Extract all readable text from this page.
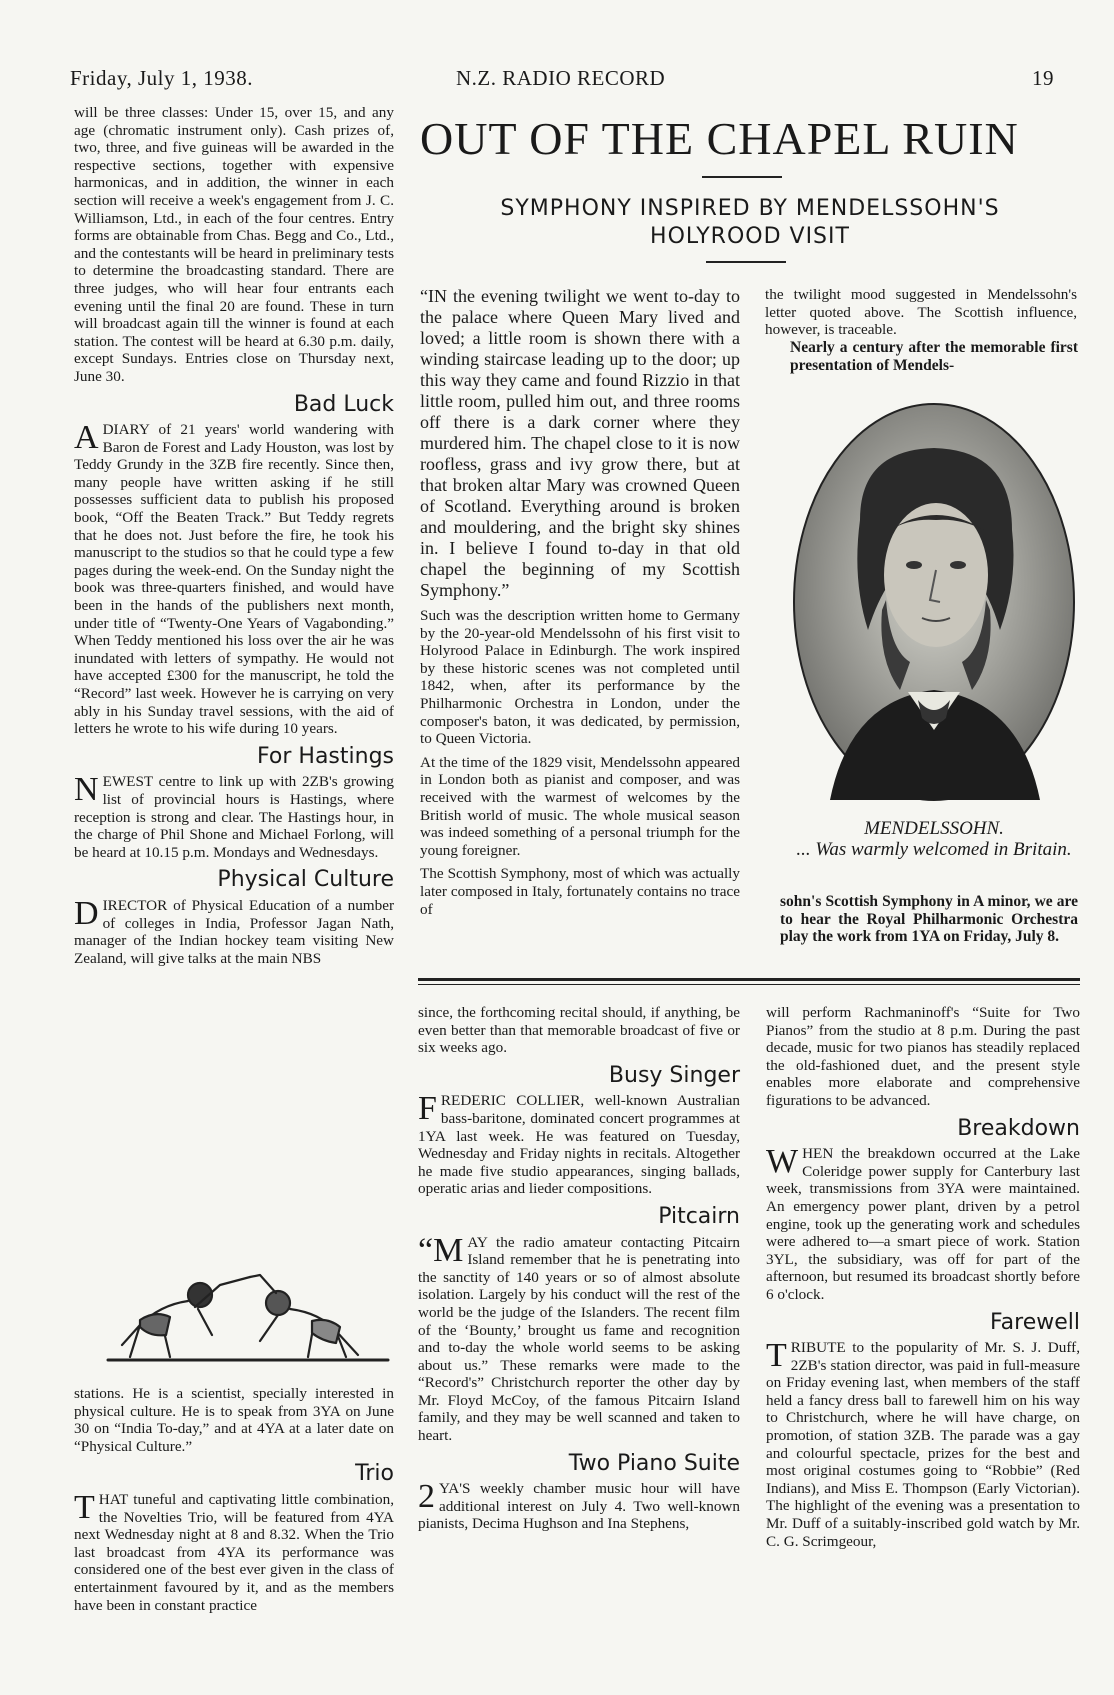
Friday, July 1, 1938.	N.Z. RADIO RECORD	19

will be three classes: Under 15, over 15, and any age (chromatic instrument only). Cash prizes of, two, three, and five guineas will be awarded in the respective sections, together with expensive harmonicas, and in addition, the winner in each section will receive a week's engagement from J. C. Williamson, Ltd., in each of the four centres. Entry forms are obtainable from Chas. Begg and Co., Ltd., and the contestants will be heard in preliminary tests to determine the broadcasting standard. There are three judges, who will hear four entrants each evening until the final 20 are found. These in turn will broadcast again till the winner is found at each station. The contest will be heard at 6.30 p.m. daily, except Sundays. Entries close on Thursday next, June 30.

Bad Luck

ADIARY of 21 years' world wandering with Baron de Forest and Lady Houston, was lost by Teddy Grundy in the 3ZB fire recently. Since then, many people have written asking if he still possesses sufficient data to publish his proposed book, “Off the Beaten Track.” But Teddy regrets that he does not. Just before the fire, he took his manuscript to the studios so that he could type a few pages during the week-end. On the Sunday night the book was three-quarters finished, and would have been in the hands of the publishers next month, under title of “Twenty-One Years of Vagabonding.” When Teddy mentioned his loss over the air he was inundated with letters of sympathy. He would not have accepted £300 for the manuscript, he told the “Record” last week. However he is carrying on very ably in his Sunday travel sessions, with the aid of letters he wrote to his wife during 10 years.

For Hastings

NEWEST centre to link up with 2ZB's growing list of provincial hours is Hastings, where reception is strong and clear. The Hastings hour, in the charge of Phil Shone and Michael Forlong, will be heard at 10.15 p.m. Mondays and Wednesdays.

Physical Culture

DIRECTOR of Physical Education of a number of colleges in India, Professor Jagan Nath, manager of the Indian hockey team visiting New Zealand, will give talks at the main NBS

stations. He is a scientist, specially interested in physical culture. He is to speak from 3YA on June 30 on “India To-day,” and at 4YA at a later date on “Physical Culture.”

Trio

THAT tuneful and captivating little combination, the Novelties Trio, will be featured from 4YA next Wednesday night at 8 and 8.32. When the Trio last broadcast from 4YA its performance was considered one of the best ever given in the class of entertainment favoured by it, and as the members have been in constant practice

OUT OF THE CHAPEL RUIN
SYMPHONY INSPIRED BY MENDELSSOHN'S HOLYROOD VISIT

“IN the evening twilight we went to-day to the palace where Queen Mary lived and loved; a little room is shown there with a winding staircase leading up to the door; up this way they came and found Rizzio in that little room, pulled him out, and three rooms off there is a dark corner where they murdered him. The chapel close to it is now roofless, grass and ivy grow there, but at that broken altar Mary was crowned Queen of Scotland. Everything around is broken and mouldering, and the bright sky shines in. I believe I found to-day in that old chapel the beginning of my Scottish Symphony.”

Such was the description written home to Germany by the 20-year-old Mendelssohn of his first visit to Holyrood Palace in Edinburgh. The work inspired by these historic scenes was not completed until 1842, when, after its performance by the Philharmonic Orchestra in London, under the composer's baton, it was dedicated, by permission, to Queen Victoria.

At the time of the 1829 visit, Mendelssohn appeared in London both as pianist and composer, and was received with the warmest of welcomes by the British world of music. The whole musical season was indeed something of a personal triumph for the young foreigner.

The Scottish Symphony, most of which was actually later composed in Italy, fortunately contains no trace of

the twilight mood suggested in Mendelssohn's letter quoted above. The Scottish influence, however, is traceable.

Nearly a century after the memorable first presentation of Mendels-
MENDELSSOHN.
... Was warmly welcomed in Britain.
sohn's Scottish Symphony in A minor, we are to hear the Royal Philharmonic Orchestra play the work from 1YA on Friday, July 8.

since, the forthcoming recital should, if anything, be even better than that memorable broadcast of five or six weeks ago.

Busy Singer

FREDERIC COLLIER, well-known Australian bass-baritone, dominated concert programmes at 1YA last week. He was featured on Tuesday, Wednesday and Friday nights in recitals. Altogether he made five studio appearances, singing ballads, operatic arias and lieder compositions.

Pitcairn

“MAY the radio amateur contacting Pitcairn Island remember that he is penetrating into the sanctity of 140 years or so of almost absolute isolation. Largely by his conduct will the rest of the world be the judge of the Islanders. The recent film of the ‘Bounty,’ brought us fame and recognition and to-day the whole world seems to be asking about us.” These remarks were made to the “Record's” Christchurch reporter the other day by Mr. Floyd McCoy, of the famous Pitcairn Island family, and they may be well scanned and taken to heart.

Two Piano Suite

2 YA'S weekly chamber music hour will have additional interest on July 4. Two well-known pianists, Decima Hughson and Ina Stephens,

will perform Rachmaninoff's “Suite for Two Pianos” from the studio at 8 p.m. During the past decade, music for two pianos has steadily replaced the old-fashioned duet, and the present style enables more elaborate and comprehensive figurations to be advanced.

Breakdown

WHEN the breakdown occurred at the Lake Coleridge power supply for Canterbury last week, transmissions from 3YA were maintained. An emergency power plant, driven by a petrol engine, took up the generating work and schedules were adhered to—a smart piece of work. Station 3YL, the subsidiary, was off for part of the afternoon, but resumed its broadcast shortly before 6 o'clock.

Farewell

TRIBUTE to the popularity of Mr. S. J. Duff, 2ZB's station director, was paid in full-measure on Friday evening last, when members of the staff held a fancy dress ball to farewell him on his way to Christchurch, where he will have charge, on promotion, of station 3ZB. The parade was a gay and colourful spectacle, prizes for the best and most original costumes going to “Robbie” (Red Indians), and Miss E. Thompson (Early Victorian). The highlight of the evening was a presentation to Mr. Duff of a suitably-inscribed gold watch by Mr. C. G. Scrimgeour,
